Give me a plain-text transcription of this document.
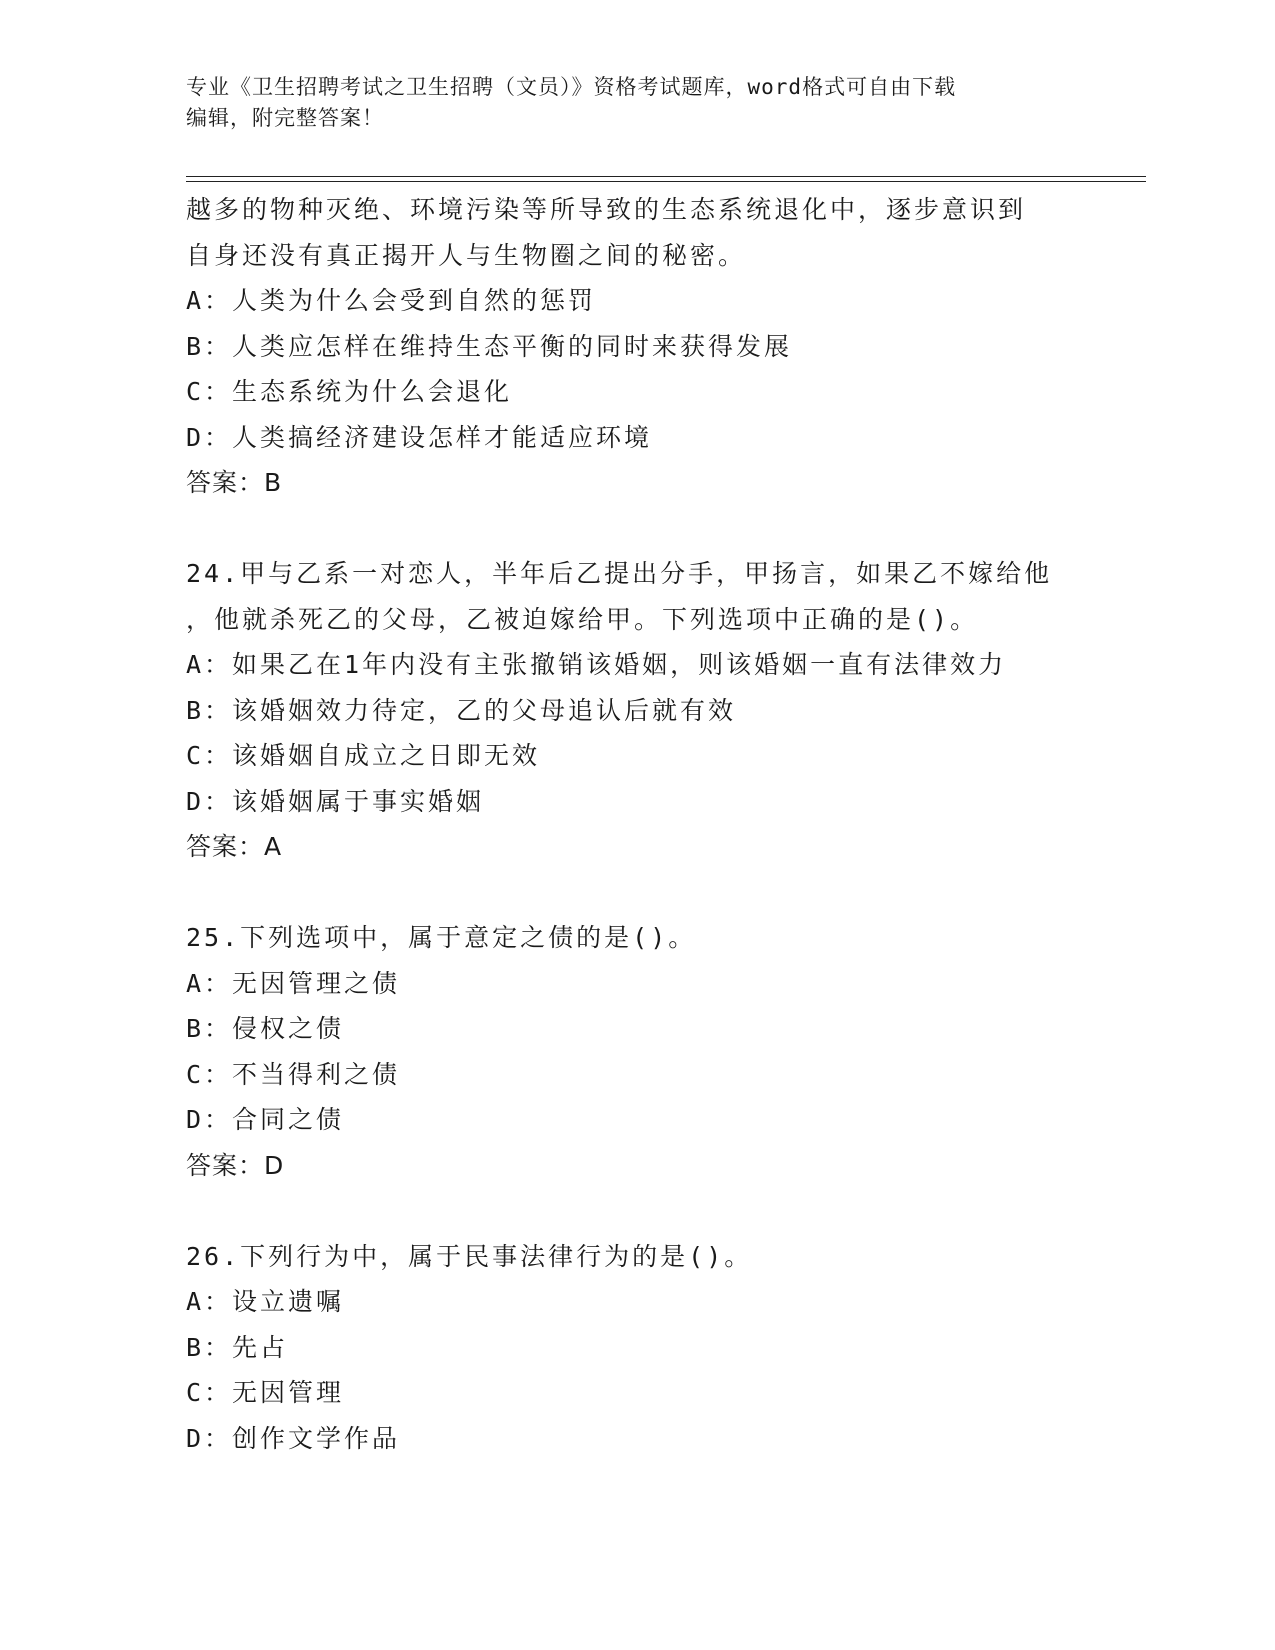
专业《卫生招聘考试之卫生招聘（文员）》资格考试题库，word格式可自由下载
编辑，附完整答案！
越多的物种灭绝、环境污染等所导致的生态系统退化中，逐步意识到
自身还没有真正揭开人与生物圈之间的秘密。
A：人类为什么会受到自然的惩罚
B：人类应怎样在维持生态平衡的同时来获得发展
C：生态系统为什么会退化
D：人类搞经济建设怎样才能适应环境
答案：B
24.甲与乙系一对恋人，半年后乙提出分手，甲扬言，如果乙不嫁给他
，他就杀死乙的父母，乙被迫嫁给甲。下列选项中正确的是()。
A：如果乙在1年内没有主张撤销该婚姻，则该婚姻一直有法律效力
B：该婚姻效力待定，乙的父母追认后就有效
C：该婚姻自成立之日即无效
D：该婚姻属于事实婚姻
答案：A
25.下列选项中，属于意定之债的是()。
A：无因管理之债
B：侵权之债
C：不当得利之债
D：合同之债
答案：D
26.下列行为中，属于民事法律行为的是()。
A：设立遗嘱
B：先占
C：无因管理
D：创作文学作品
